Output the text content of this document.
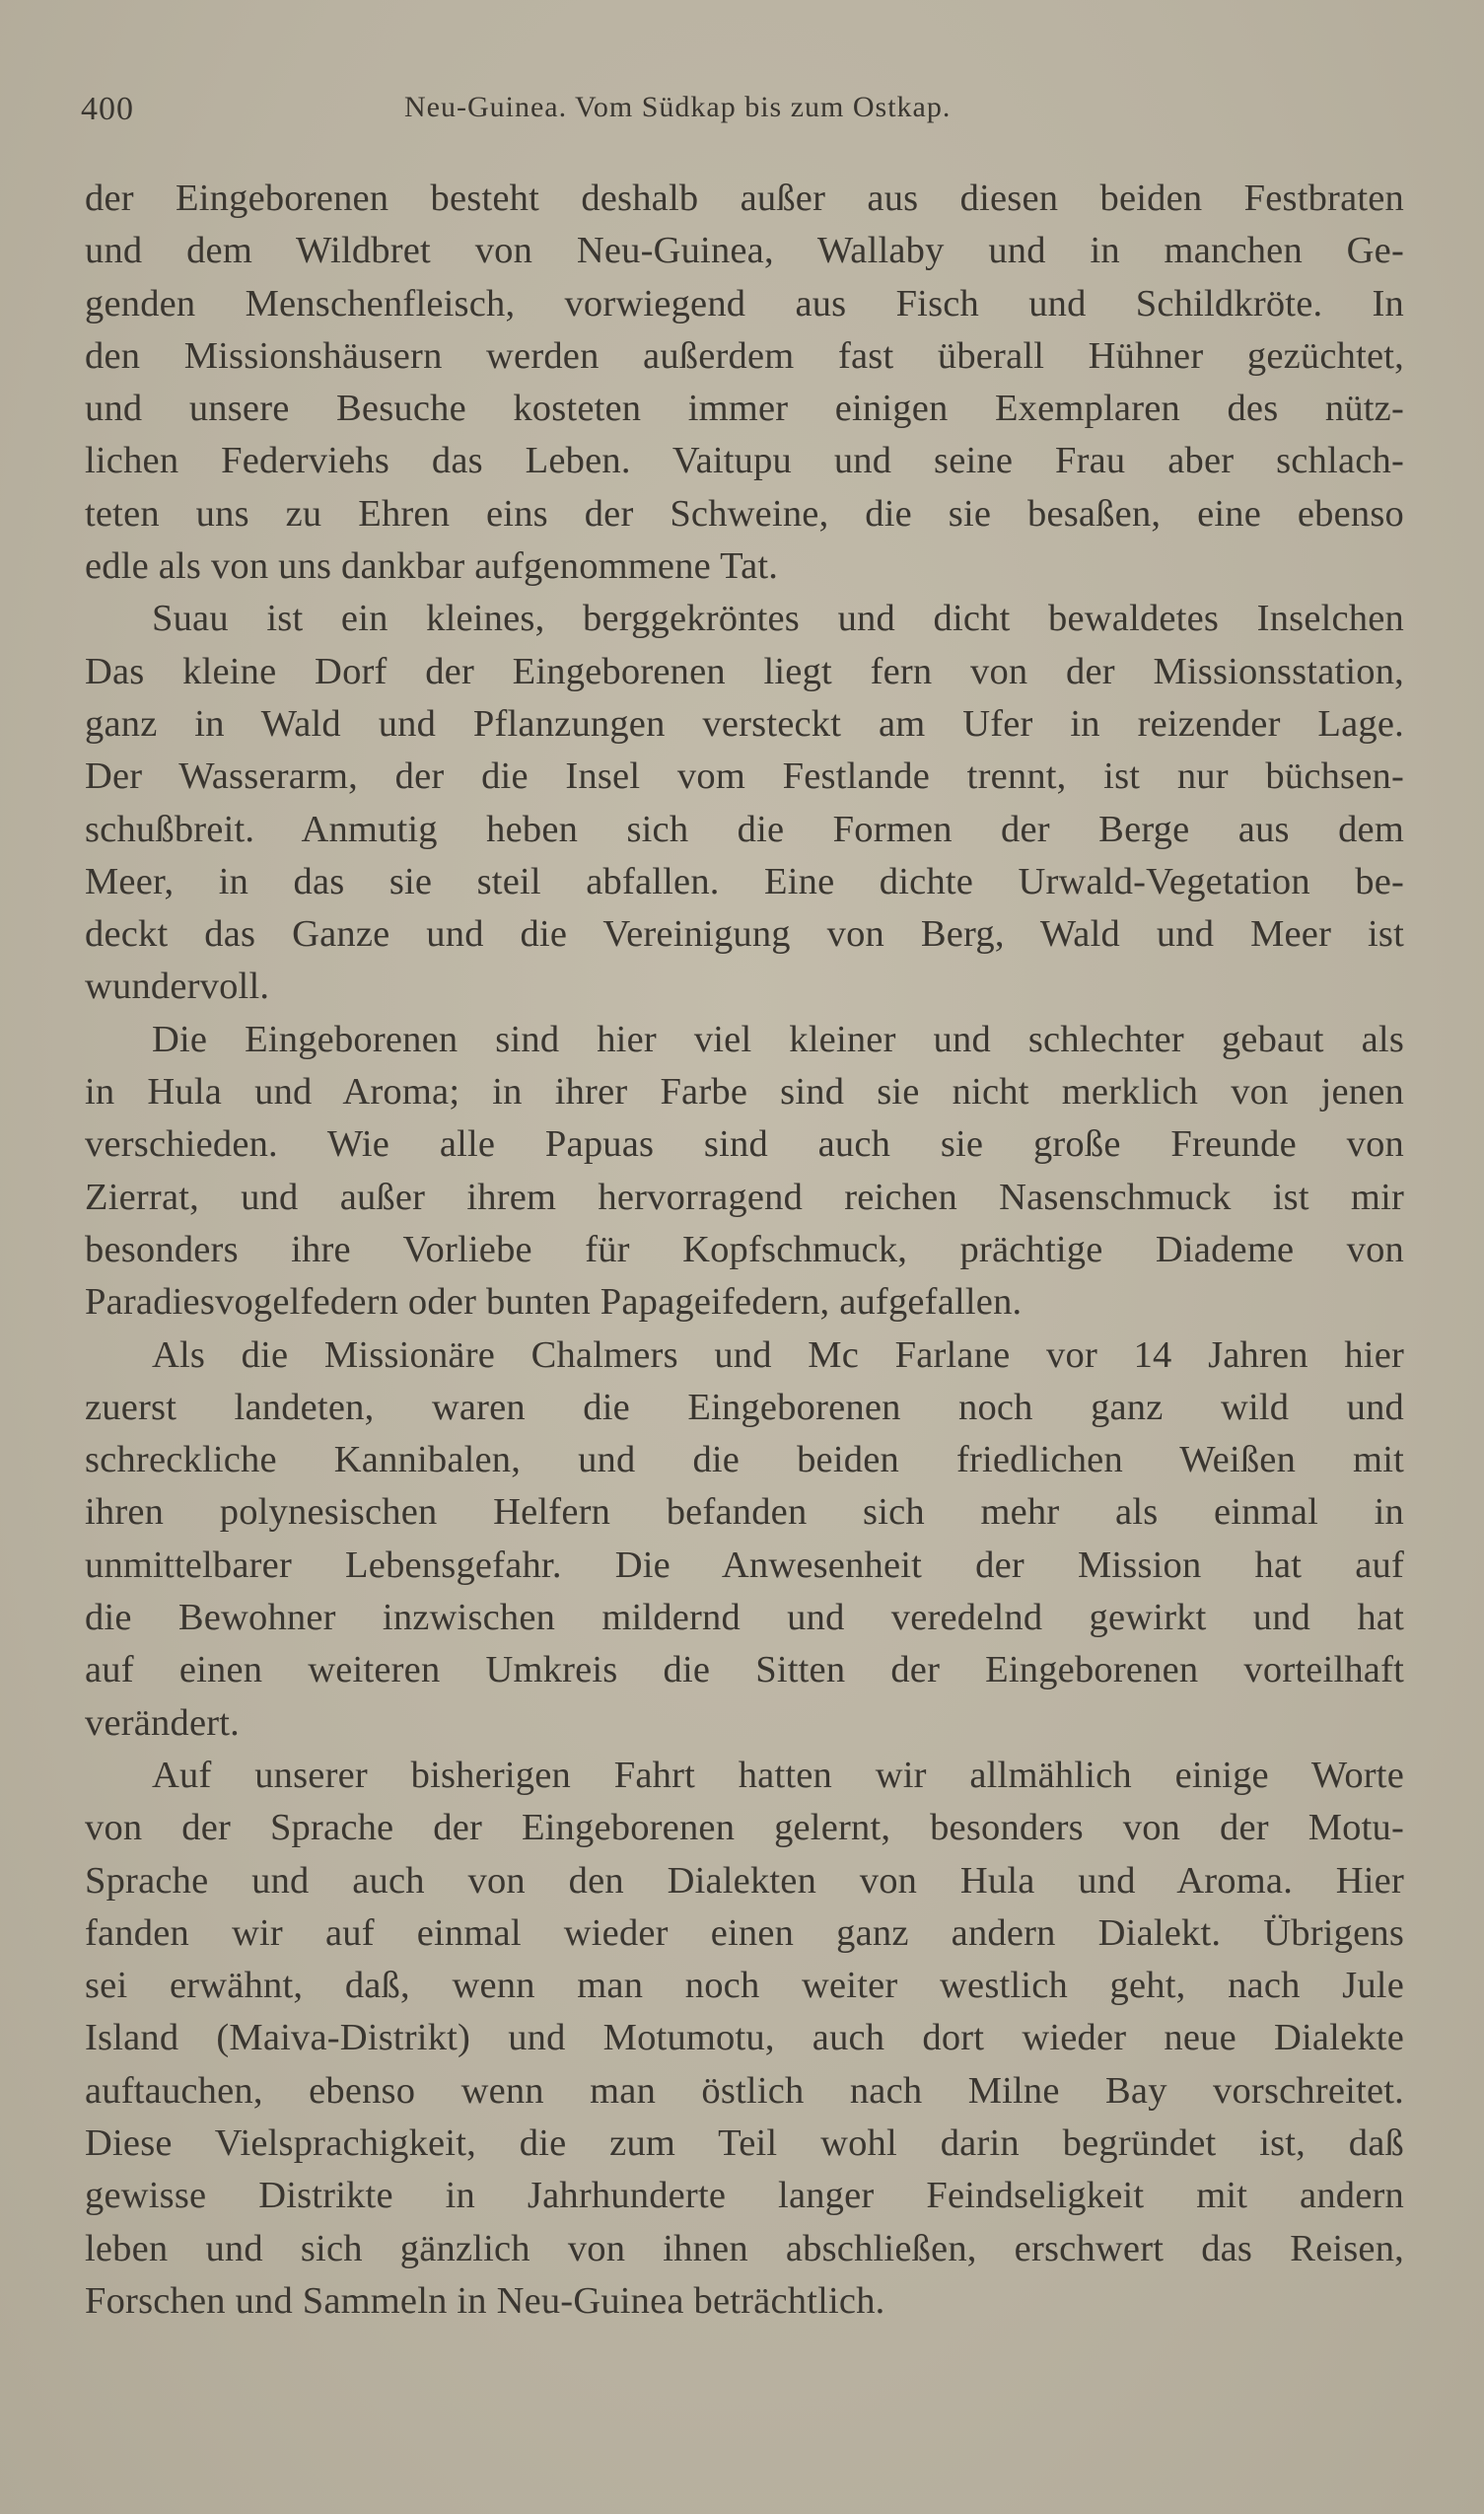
400	Neu-Guinea. Vom Südkap bis zum Ostkap.
der Eingeborenen besteht deshalb außer aus diesen beiden Festbraten
und dem Wildbret von Neu-Guinea, Wallaby und in manchen Ge-
genden Menschenfleisch, vorwiegend aus Fisch und Schildkröte. In
den Missionshäusern werden außerdem fast überall Hühner gezüchtet,
und unsere Besuche kosteten immer einigen Exemplaren des nütz-
lichen Federviehs das Leben. Vaitupu und seine Frau aber schlach-
teten uns zu Ehren eins der Schweine, die sie besaßen, eine ebenso
edle als von uns dankbar aufgenommene Tat.
Suau ist ein kleines, berggekröntes und dicht bewaldetes Inselchen
Das kleine Dorf der Eingeborenen liegt fern von der Missionsstation,
ganz in Wald und Pflanzungen versteckt am Ufer in reizender Lage.
Der Wasserarm, der die Insel vom Festlande trennt, ist nur büchsen-
schußbreit. Anmutig heben sich die Formen der Berge aus dem
Meer, in das sie steil abfallen. Eine dichte Urwald-Vegetation be-
deckt das Ganze und die Vereinigung von Berg, Wald und Meer ist
wundervoll.
Die Eingeborenen sind hier viel kleiner und schlechter gebaut als
in Hula und Aroma; in ihrer Farbe sind sie nicht merklich von jenen
verschieden. Wie alle Papuas sind auch sie große Freunde von
Zierrat, und außer ihrem hervorragend reichen Nasenschmuck ist mir
besonders ihre Vorliebe für Kopfschmuck, prächtige Diademe von
Paradiesvogelfedern oder bunten Papageifedern, aufgefallen.
Als die Missionäre Chalmers und Mc Farlane vor 14 Jahren hier
zuerst landeten, waren die Eingeborenen noch ganz wild und
schreckliche Kannibalen, und die beiden friedlichen Weißen mit
ihren polynesischen Helfern befanden sich mehr als einmal in
unmittelbarer Lebensgefahr. Die Anwesenheit der Mission hat auf
die Bewohner inzwischen mildernd und veredelnd gewirkt und hat
auf einen weiteren Umkreis die Sitten der Eingeborenen vorteilhaft
verändert.
Auf unserer bisherigen Fahrt hatten wir allmählich einige Worte
von der Sprache der Eingeborenen gelernt, besonders von der Motu-
Sprache und auch von den Dialekten von Hula und Aroma. Hier
fanden wir auf einmal wieder einen ganz andern Dialekt. Übrigens
sei erwähnt, daß, wenn man noch weiter westlich geht, nach Jule
Island (Maiva-Distrikt) und Motumotu, auch dort wieder neue Dialekte
auftauchen, ebenso wenn man östlich nach Milne Bay vorschreitet.
Diese Vielsprachigkeit, die zum Teil wohl darin begründet ist, daß
gewisse Distrikte in Jahrhunderte langer Feindseligkeit mit andern
leben und sich gänzlich von ihnen abschließen, erschwert das Reisen,
Forschen und Sammeln in Neu-Guinea beträchtlich.
